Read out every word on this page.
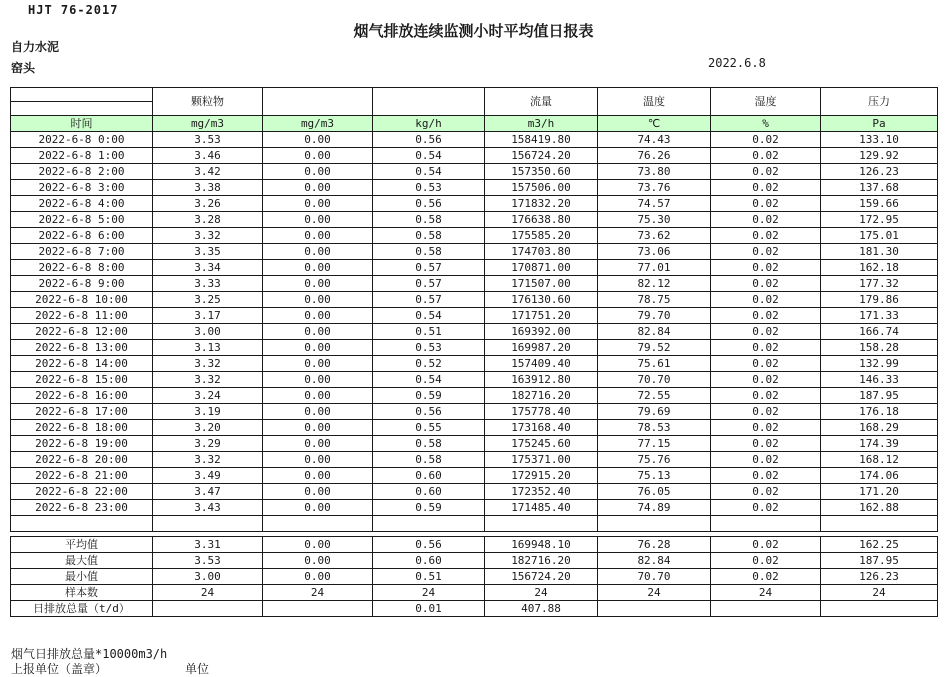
HJT 76-2017
烟气排放连续监测小时平均值日报表
自力水泥
窑头	2022.6.8
	颗粒物			流量	温度	湿度	压力

时间	mg/m3	mg/m3	kg/h	m3/h	℃	%	Pa
2022-6-8 0:00	3.53	0.00	0.56	158419.80	74.43	0.02	133.10
2022-6-8 1:00	3.46	0.00	0.54	156724.20	76.26	0.02	129.92
2022-6-8 2:00	3.42	0.00	0.54	157350.60	73.80	0.02	126.23
2022-6-8 3:00	3.38	0.00	0.53	157506.00	73.76	0.02	137.68
2022-6-8 4:00	3.26	0.00	0.56	171832.20	74.57	0.02	159.66
2022-6-8 5:00	3.28	0.00	0.58	176638.80	75.30	0.02	172.95
2022-6-8 6:00	3.32	0.00	0.58	175585.20	73.62	0.02	175.01
2022-6-8 7:00	3.35	0.00	0.58	174703.80	73.06	0.02	181.30
2022-6-8 8:00	3.34	0.00	0.57	170871.00	77.01	0.02	162.18
2022-6-8 9:00	3.33	0.00	0.57	171507.00	82.12	0.02	177.32
2022-6-8 10:00	3.25	0.00	0.57	176130.60	78.75	0.02	179.86
2022-6-8 11:00	3.17	0.00	0.54	171751.20	79.70	0.02	171.33
2022-6-8 12:00	3.00	0.00	0.51	169392.00	82.84	0.02	166.74
2022-6-8 13:00	3.13	0.00	0.53	169987.20	79.52	0.02	158.28
2022-6-8 14:00	3.32	0.00	0.52	157409.40	75.61	0.02	132.99
2022-6-8 15:00	3.32	0.00	0.54	163912.80	70.70	0.02	146.33
2022-6-8 16:00	3.24	0.00	0.59	182716.20	72.55	0.02	187.95
2022-6-8 17:00	3.19	0.00	0.56	175778.40	79.69	0.02	176.18
2022-6-8 18:00	3.20	0.00	0.55	173168.40	78.53	0.02	168.29
2022-6-8 19:00	3.29	0.00	0.58	175245.60	77.15	0.02	174.39
2022-6-8 20:00	3.32	0.00	0.58	175371.00	75.76	0.02	168.12
2022-6-8 21:00	3.49	0.00	0.60	172915.20	75.13	0.02	174.06
2022-6-8 22:00	3.47	0.00	0.60	172352.40	76.05	0.02	171.20
2022-6-8 23:00	3.43	0.00	0.59	171485.40	74.89	0.02	162.88

平均值	3.31	0.00	0.56	169948.10	76.28	0.02	162.25
最大值	3.53	0.00	0.60	182716.20	82.84	0.02	187.95
最小值	3.00	0.00	0.51	156724.20	70.70	0.02	126.23
样本数	24	24	24	24	24	24	24
日排放总量（t/d）			0.01	407.88			
烟气日排放总量*10000m3/h
上报单位（盖章）	单位
